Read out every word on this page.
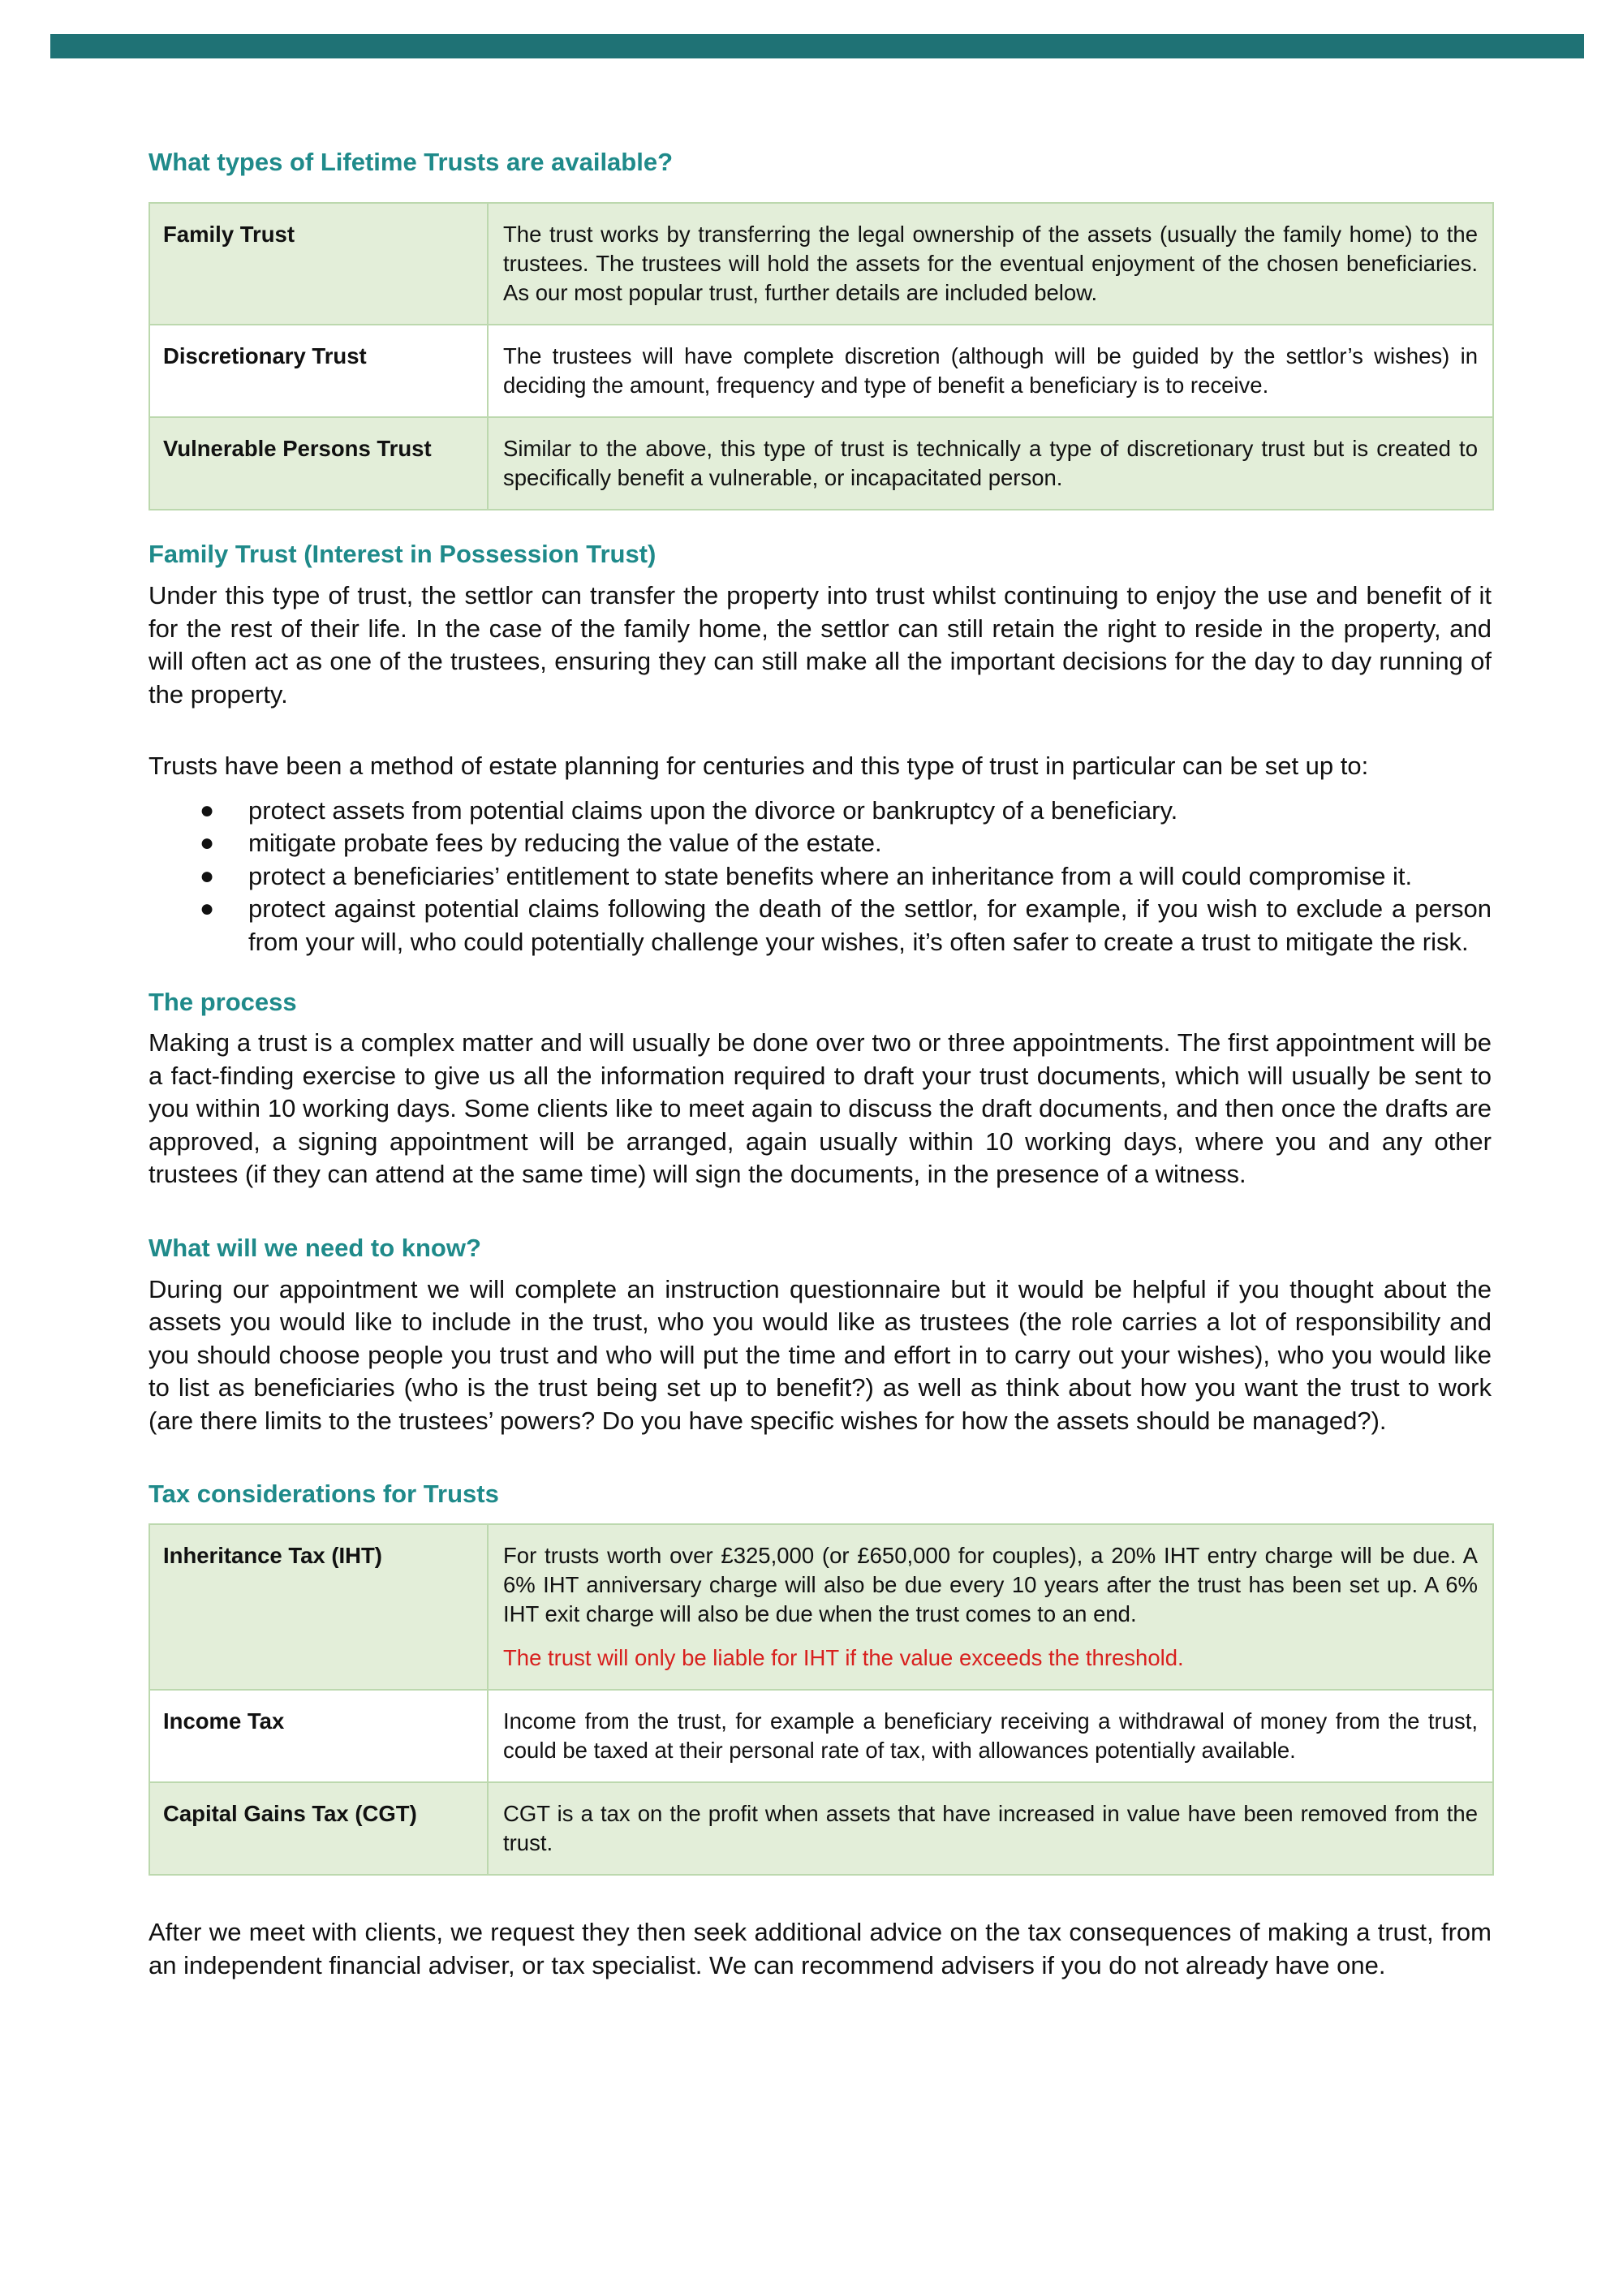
What types of Lifetime Trusts are available?
Family Trust	The trust works by transferring the legal ownership of the assets (usually the family home) to the trustees. The trustees will hold the assets for the eventual enjoyment of the chosen beneficiaries. As our most popular trust, further details are included below.
Discretionary Trust	The trustees will have complete discretion (although will be guided by the settlor’s wishes) in deciding the amount, frequency and type of benefit a beneficiary is to receive.
Vulnerable Persons Trust	Similar to the above, this type of trust is technically a type of discretionary trust but is created to specifically benefit a vulnerable, or incapacitated person.
Family Trust (Interest in Possession Trust)

Under this type of trust, the settlor can transfer the property into trust whilst continuing to enjoy the use and benefit of it for the rest of their life. In the case of the family home, the settlor can still retain the right to reside in the property, and will often act as one of the trustees, ensuring they can still make all the important decisions for the day to day running of the property.

Trusts have been a method of estate planning for centuries and this type of trust in particular can be set up to:

● protect assets from potential claims upon the divorce or bankruptcy of a beneficiary.
● mitigate probate fees by reducing the value of the estate.
● protect a beneficiaries’ entitlement to state benefits where an inheritance from a will could compromise it.
● protect against potential claims following the death of the settlor, for example, if you wish to exclude a person from your will, who could potentially challenge your wishes, it’s often safer to create a trust to mitigate the risk.
The process

Making a trust is a complex matter and will usually be done over two or three appointments. The first appointment will be a fact-finding exercise to give us all the information required to draft your trust documents, which will usually be sent to you within 10 working days. Some clients like to meet again to discuss the draft documents, and then once the drafts are approved, a signing appointment will be arranged, again usually within 10 working days, where you and any other trustees (if they can attend at the same time) will sign the documents, in the presence of a witness.

What will we need to know?

During our appointment we will complete an instruction questionnaire but it would be helpful if you thought about the assets you would like to include in the trust, who you would like as trustees (the role carries a lot of responsibility and you should choose people you trust and who will put the time and effort in to carry out your wishes), who you would like to list as beneficiaries (who is the trust being set up to benefit?) as well as think about how you want the trust to work (are there limits to the trustees’ powers? Do you have specific wishes for how the assets should be managed?).

Tax considerations for Trusts
Inheritance Tax (IHT)	For trusts worth over £325,000 (or £650,000 for couples), a 20% IHT entry charge will be due. A 6% IHT anniversary charge will also be due every 10 years after the trust has been set up. A 6% IHT exit charge will also be due when the trust comes to an end.
The trust will only be liable for IHT if the value exceeds the threshold.

Income Tax	Income from the trust, for example a beneficiary receiving a withdrawal of money from the trust, could be taxed at their personal rate of tax, with allowances potentially available.
Capital Gains Tax (CGT)	CGT is a tax on the profit when assets that have increased in value have been removed from the trust.

After we meet with clients, we request they then seek additional advice on the tax consequences of making a trust, from an independent financial adviser, or tax specialist. We can recommend advisers if you do not already have one.
